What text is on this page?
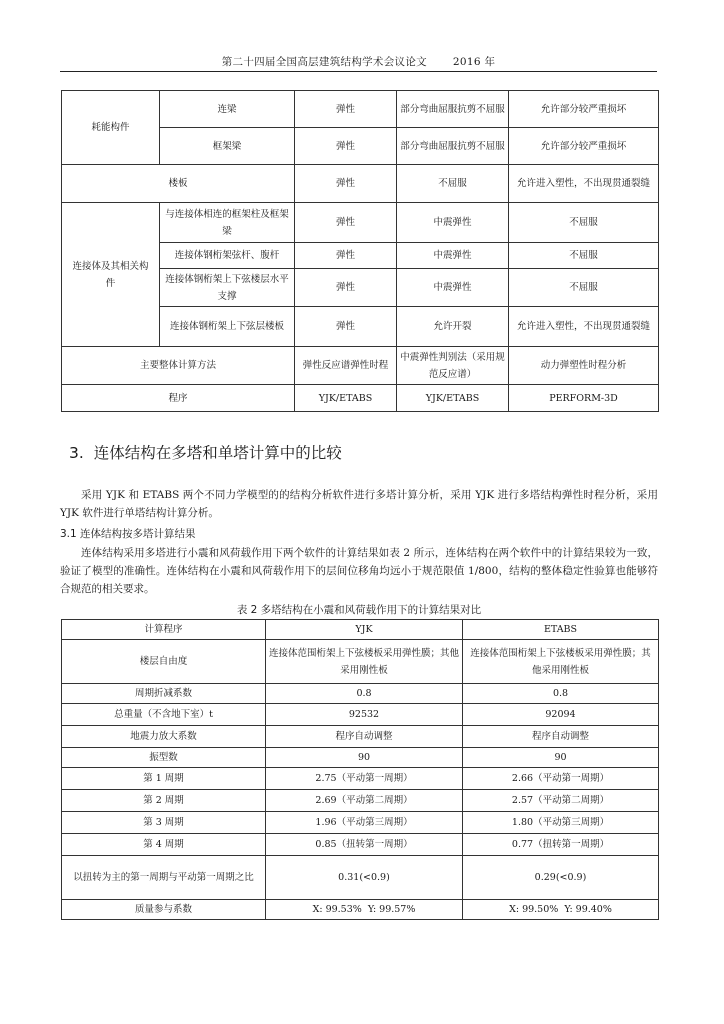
第二十四届全国高层建筑结构学术会议论文 2016 年
耗能构件	连梁	弹性	部分弯曲屈服抗剪不屈服	允许部分较严重损坏
	框架梁	弹性	部分弯曲屈服抗剪不屈服	允许部分较严重损坏
楼板		弹性	不屈服	允许进入塑性，不出现贯通裂缝
连接体及其相关构件	与连接体相连的框架柱及框架梁	弹性	中震弹性	不屈服
	连接体钢桁架弦杆、腹杆	弹性	中震弹性	不屈服
	连接体钢桁架上下弦楼层水平支撑	弹性	中震弹性	不屈服
	连接体钢桁架上下弦层楼板	弹性	允许开裂	允许进入塑性，不出现贯通裂缝
主要整体计算方法		弹性反应谱弹性时程	中震弹性判别法（采用规范反应谱）	动力弹塑性时程分析
程序		YJK/ETABS	YJK/ETABS	PERFORM-3D
3. 连体结构在多塔和单塔计算中的比较

采用 YJK 和 ETABS 两个不同力学模型的的结构分析软件进行多塔计算分析，采用 YJK 进行多塔结构弹性时程分析，采用 YJK 软件进行单塔结构计算分析。

3.1 连体结构按多塔计算结果

连体结构采用多塔进行小震和风荷载作用下两个软件的计算结果如表 2 所示，连体结构在两个软件中的计算结果较为一致，验证了模型的准确性。连体结构在小震和风荷载作用下的层间位移角均远小于规范限值 1/800，结构的整体稳定性验算也能够符合规范的相关要求。

表 2 多塔结构在小震和风荷载作用下的计算结果对比
计算程序	YJK	ETABS
楼层自由度	连接体范围桁架上下弦楼板采用弹性膜；其他采用刚性板	连接体范围桁架上下弦楼板采用弹性膜；其他采用刚性板
周期折减系数	0.8	0.8
总重量（不含地下室）t	92532	92094
地震力放大系数	程序自动调整	程序自动调整
振型数	90	90
第 1 周期	2.75（平动第一周期）	2.66（平动第一周期）
第 2 周期	2.69（平动第二周期）	2.57（平动第二周期）
第 3 周期	1.96（平动第三周期）	1.80（平动第三周期）
第 4 周期	0.85（扭转第一周期）	0.77（扭转第一周期）
以扭转为主的第一周期与平动第一周期之比	0.31(<0.9)	0.29(<0.9)
质量参与系数	X: 99.53%  Y: 99.57%	X: 99.50%  Y: 99.40%
